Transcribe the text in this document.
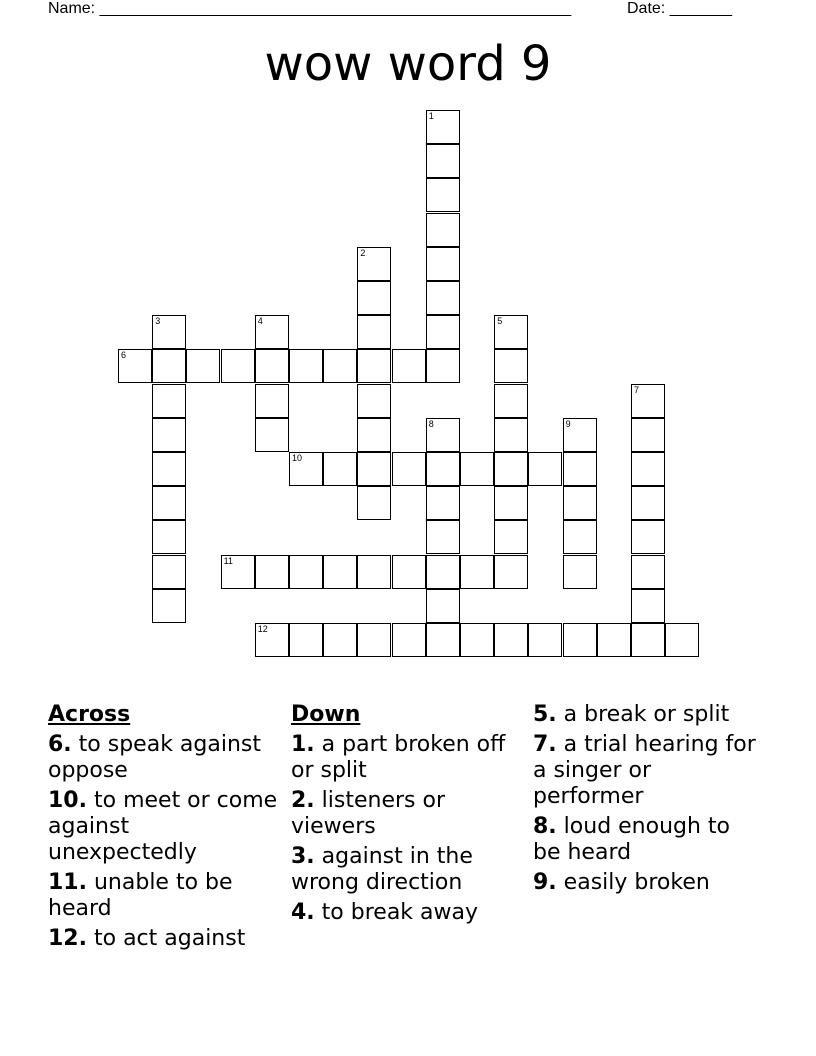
Name: _____________________________________________________	Date: _______
wow word 9
1
2
3	4	5
6
7
8	9
10
11
12
Across
6. to speak against oppose
10. to meet or come against unexpectedly
11. unable to be heard
12. to act against
Down
1. a part broken off or split
2. listeners or viewers
3. against in the wrong direction
4. to break away
5. a break or split
7. a trial hearing for a singer or performer
8. loud enough to be heard
9. easily broken
